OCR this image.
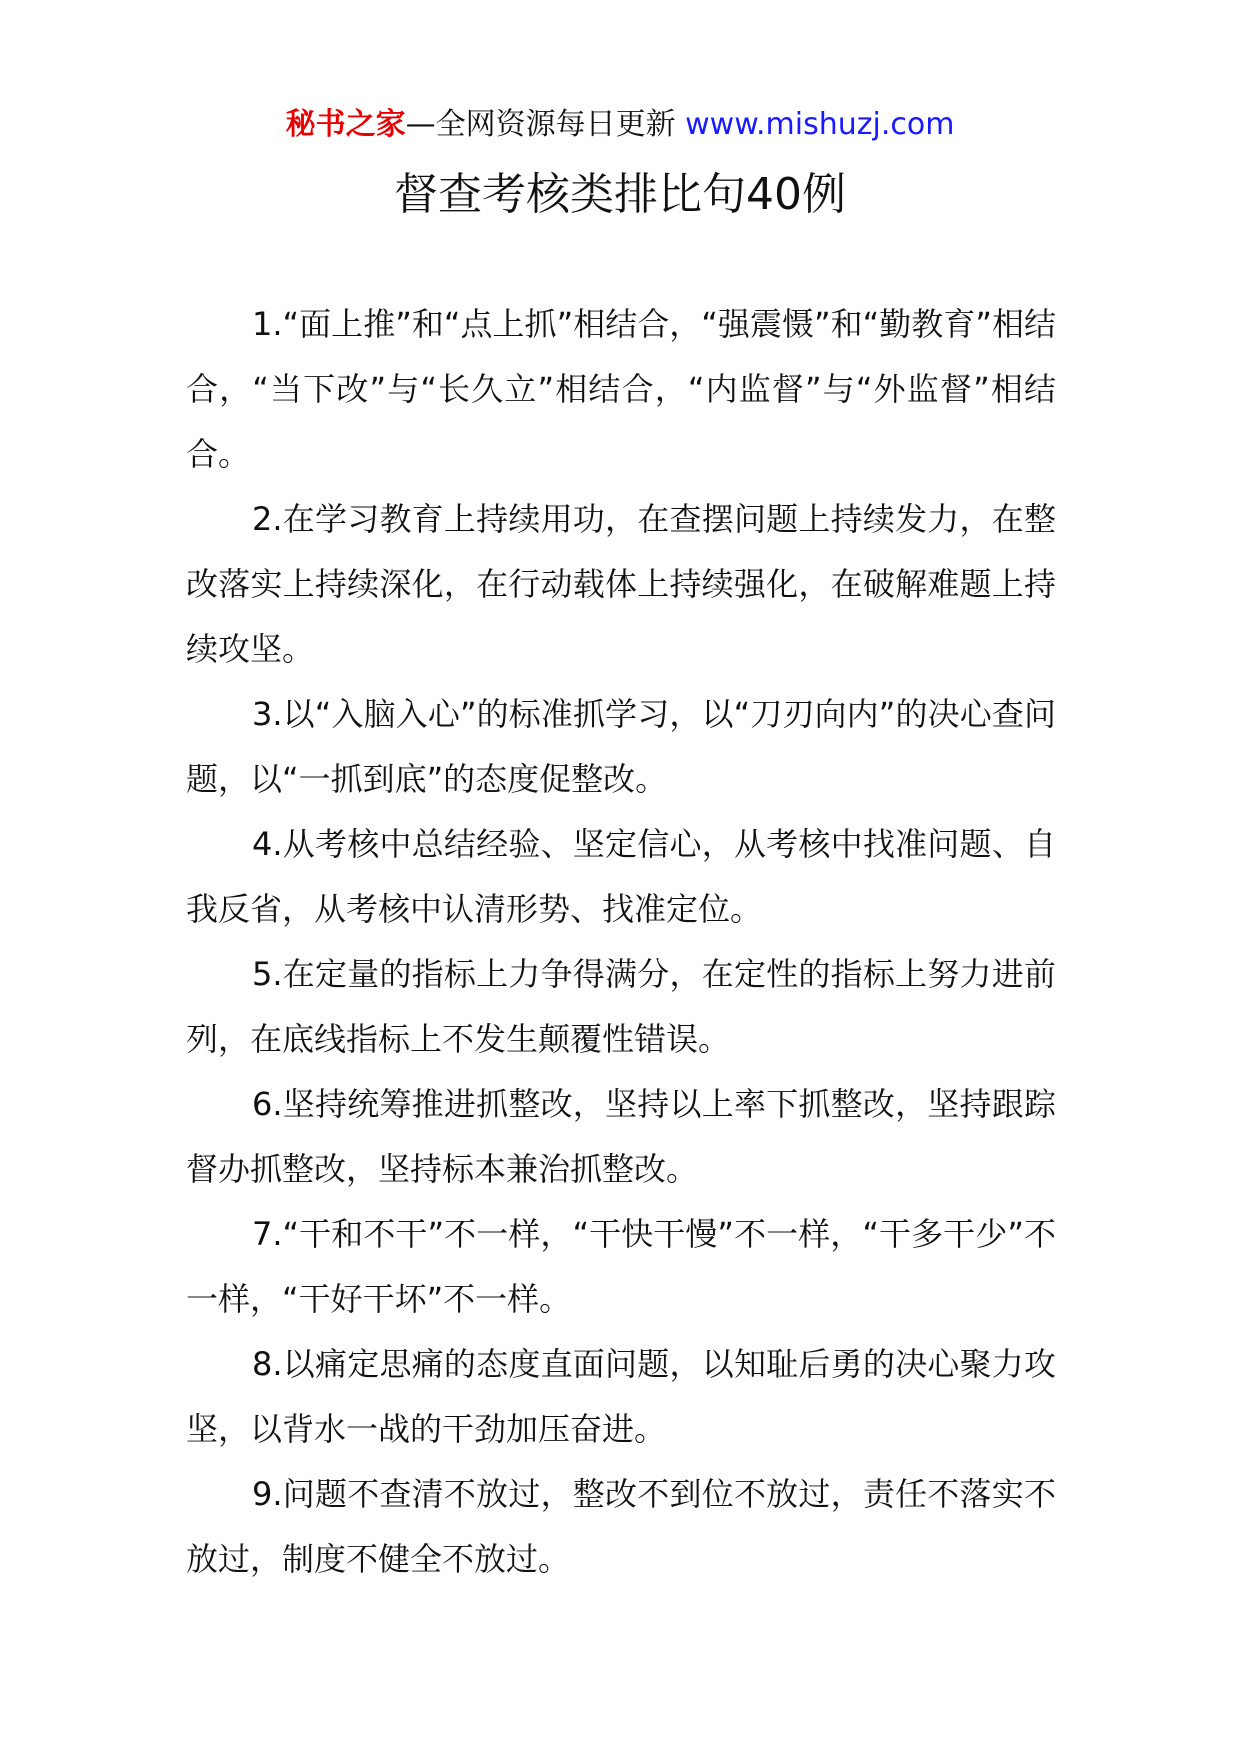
秘书之家—全网资源每日更新 www.mishuzj.com
督查考核类排比句40例

1.“面上推”和“点上抓”相结合，“强震慑”和“勤教育”相结合，“当下改”与“长久立”相结合，“内监督”与“外监督”相结合。

2.在学习教育上持续用功，在查摆问题上持续发力，在整改落实上持续深化，在行动载体上持续强化，在破解难题上持续攻坚。

3.以“入脑入心”的标准抓学习，以“刀刃向内”的决心查问题，以“一抓到底”的态度促整改。

4.从考核中总结经验、坚定信心，从考核中找准问题、自我反省，从考核中认清形势、找准定位。

5.在定量的指标上力争得满分，在定性的指标上努力进前列，在底线指标上不发生颠覆性错误。

6.坚持统筹推进抓整改，坚持以上率下抓整改，坚持跟踪督办抓整改，坚持标本兼治抓整改。

7.“干和不干”不一样，“干快干慢”不一样，“干多干少”不一样，“干好干坏”不一样。

8.以痛定思痛的态度直面问题，以知耻后勇的决心聚力攻坚，以背水一战的干劲加压奋进。

9.问题不查清不放过，整改不到位不放过，责任不落实不放过，制度不健全不放过。
